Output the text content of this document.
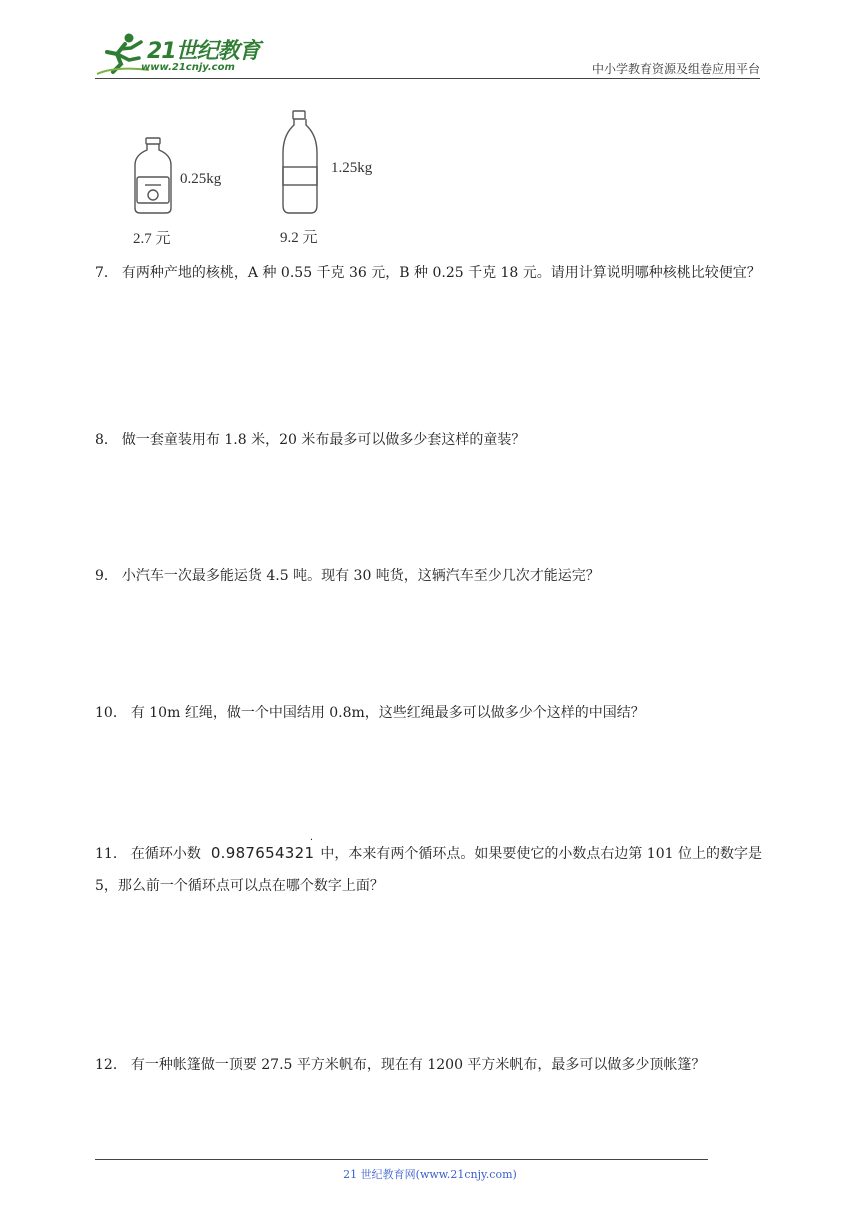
21世纪教育
www.21cnjy.com	中小学教育资源及组卷应用平台
0.25kg
2.7 元
1.25kg
9.2 元
7． 有两种产地的核桃，A 种 0.55 千克 36 元，B 种 0.25 千克 18 元。请用计算说明哪种核桃比较便宜？
8． 做一套童装用布 1.8 米，20 米布最多可以做多少套这样的童装？
9． 小汽车一次最多能运货 4.5 吨。现有 30 吨货，这辆汽车至少几次才能运完？
10． 有 10m 红绳，做一个中国结用 0.8m，这些红绳最多可以做多少个这样的中国结？
11． 在循环小数 0.987654321
·
中，本来有两个循环点。如果要使它的小数点右边第 101 位上的数字是 5，那么前一个循环点可以点在哪个数字上面？
12． 有一种帐篷做一顶要 27.5 平方米帆布，现在有 1200 平方米帆布，最多可以做多少顶帐篷？
21 世纪教育网(www.21cnjy.com)
